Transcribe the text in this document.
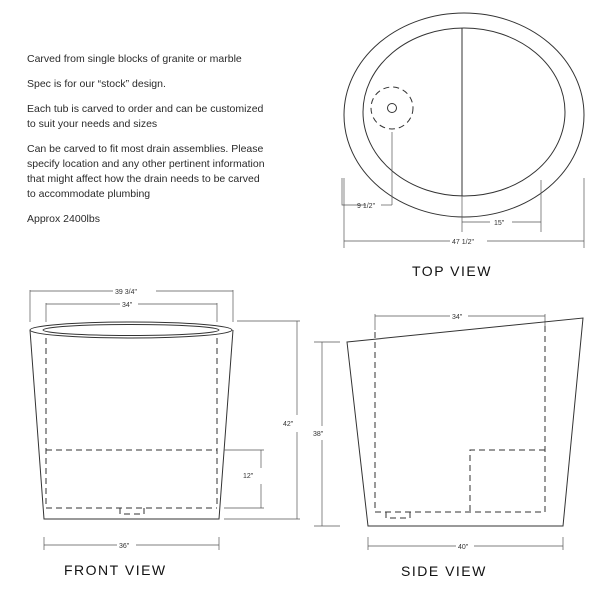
Carved from single blocks of granite or marble

Spec is for our “stock” design.

Each tub is carved to order and can be customized
to suit your needs and sizes

Can be carved to fit most drain assemblies. Please
specify location and any other pertinent information
that might affect how the drain needs to be carved
to accommodate plumbing

Approx 2400lbs

9 1/2"
15"
47 1/2"
TOP VIEW
39 3/4"
34"
42"
12"
36"
FRONT VIEW
34"
38"
40"
SIDE VIEW
